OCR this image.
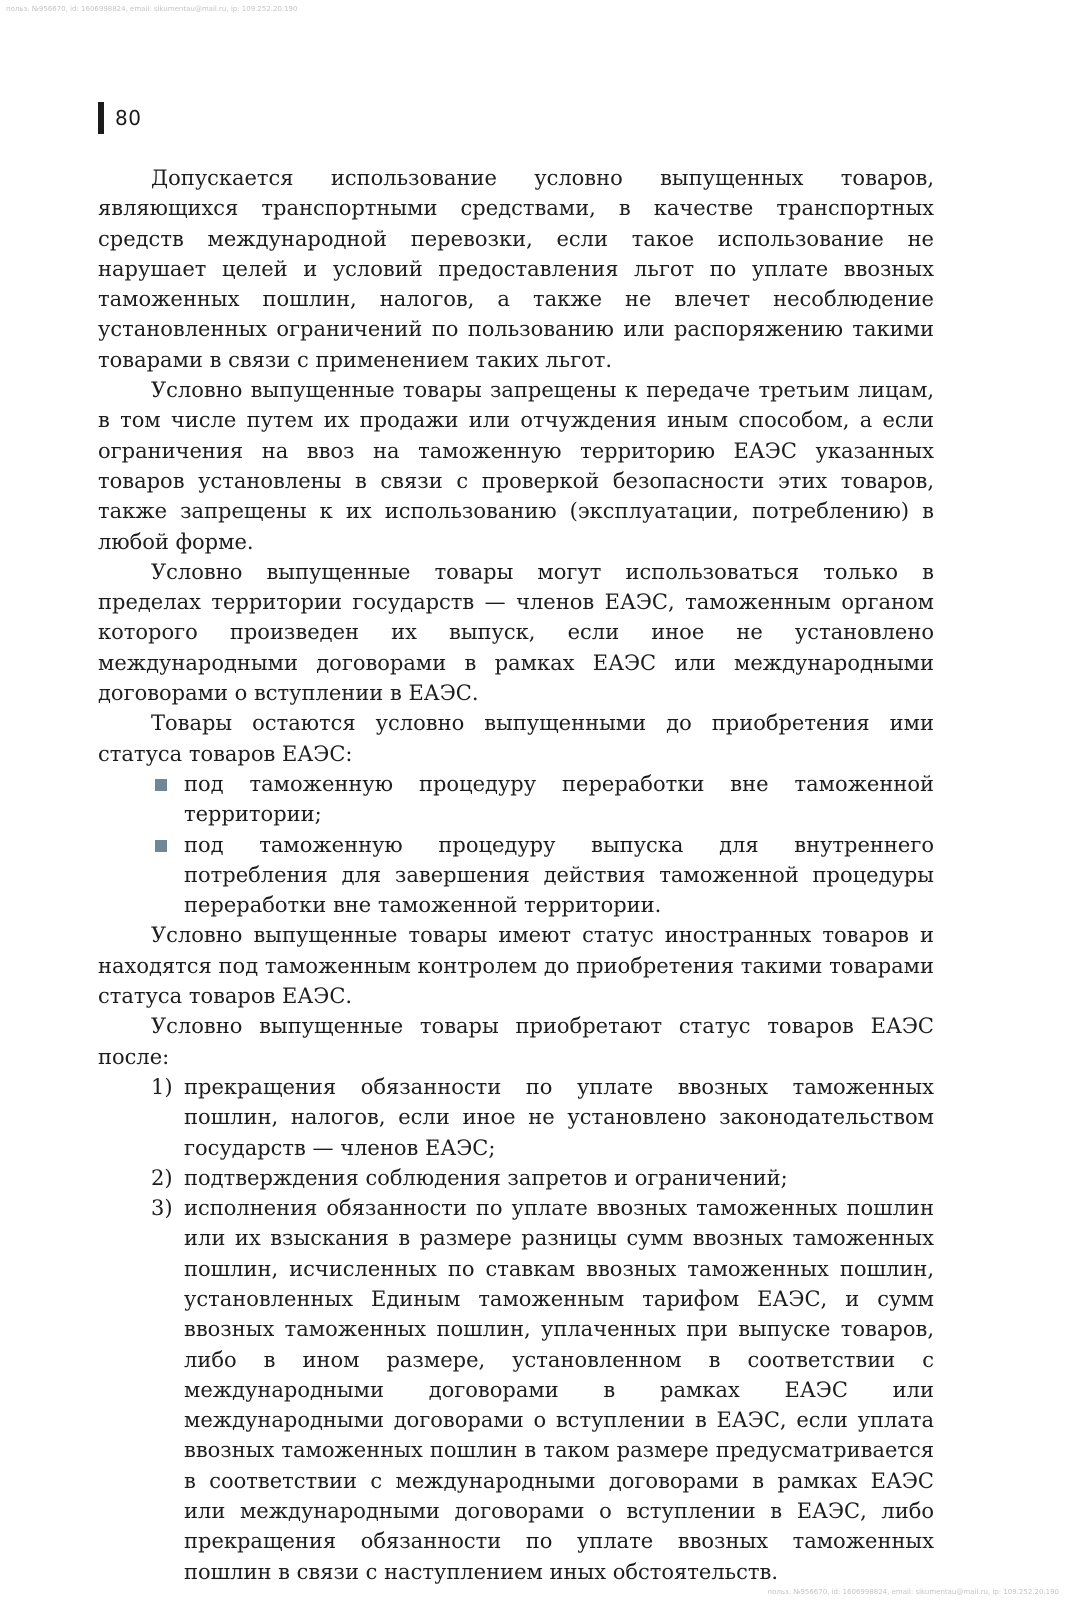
польз. №956670, id: 1606998824, email: sikumentau@mail.ru, ip: 109.252.20.190
80

Допускается использование условно выпущенных товаров, являющихся транспортными средствами, в качестве транспортных средств международной перевозки, если такое использование не нарушает целей и условий предоставления льгот по уплате ввозных таможенных пошлин, налогов, а также не влечет несоблюдение установленных ограничений по пользованию или распоряжению такими товарами в связи с применением таких льгот.

Условно выпущенные товары запрещены к передаче третьим лицам, в том числе путем их продажи или отчуждения иным способом, а если ограничения на ввоз на таможенную территорию ЕАЭС указанных товаров установлены в связи с проверкой безопасности этих товаров, также запрещены к их использованию (эксплуатации, потреблению) в любой форме.

Условно выпущенные товары могут использоваться только в пределах территории государств — членов ЕАЭС, таможенным органом которого произведен их выпуск, если иное не установлено международными договорами в рамках ЕАЭС или международными договорами о вступлении в ЕАЭС.

Товары остаются условно выпущенными до приобретения ими статуса товаров ЕАЭС:

под таможенную процедуру переработки вне таможенной территории;
под таможенную процедуру выпуска для внутреннего потребления для завершения действия таможенной процедуры переработки вне таможенной территории.

Условно выпущенные товары имеют статус иностранных товаров и находятся под таможенным контролем до приобретения такими товарами статуса товаров ЕАЭС.

Условно выпущенные товары приобретают статус товаров ЕАЭС после:

1) прекращения обязанности по уплате ввозных таможенных пошлин, налогов, если иное не установлено законодательством государств — членов ЕАЭС;
2) подтверждения соблюдения запретов и ограничений;
3) исполнения обязанности по уплате ввозных таможенных пошлин или их взыскания в размере разницы сумм ввозных таможенных пошлин, исчисленных по ставкам ввозных таможенных пошлин, установленных Единым таможенным тарифом ЕАЭС, и сумм ввозных таможенных пошлин, уплаченных при выпуске товаров, либо в ином размере, установленном в соответствии с международными договорами в рамках ЕАЭС или международными договорами о вступлении в ЕАЭС, если уплата ввозных таможенных пошлин в таком размере предусматривается в соответствии с международными договорами в рамках ЕАЭС или международными договорами о вступлении в ЕАЭС, либо прекращения обязанности по уплате ввозных таможенных пошлин в связи с наступлением иных обстоятельств.
польз. №956670, id: 1606998824, email: sikumentau@mail.ru, ip: 109.252.20.190
